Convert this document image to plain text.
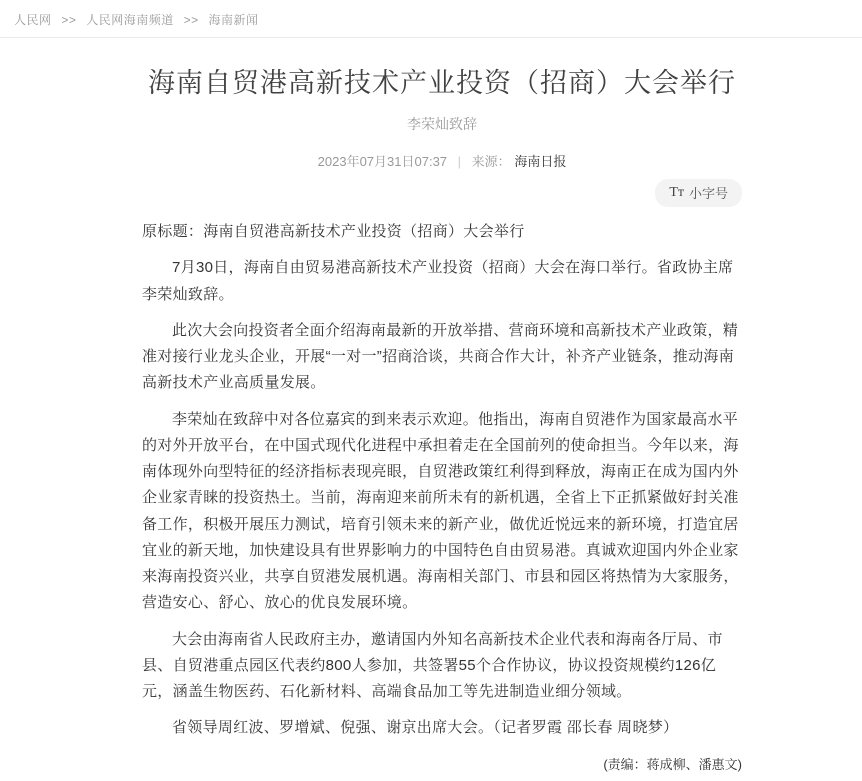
人民网 >> 人民网海南频道 >> 海南新闻
海南自贸港高新技术产业投资（招商）大会举行
李荣灿致辞
2023年07月31日07:37 | 来源： 海南日报
Tᴛ 小字号

原标题：海南自贸港高新技术产业投资（招商）大会举行

7月30日，海南自由贸易港高新技术产业投资（招商）大会在海口举行。省政协主席李荣灿致辞。

此次大会向投资者全面介绍海南最新的开放举措、营商环境和高新技术产业政策，精准对接行业龙头企业，开展“一对一”招商洽谈，共商合作大计，补齐产业链条，推动海南高新技术产业高质量发展。

李荣灿在致辞中对各位嘉宾的到来表示欢迎。他指出，海南自贸港作为国家最高水平的对外开放平台，在中国式现代化进程中承担着走在全国前列的使命担当。今年以来，海南体现外向型特征的经济指标表现亮眼，自贸港政策红利得到释放，海南正在成为国内外企业家青睐的投资热土。当前，海南迎来前所未有的新机遇，全省上下正抓紧做好封关准备工作，积极开展压力测试，培育引领未来的新产业，做优近悦远来的新环境，打造宜居宜业的新天地，加快建设具有世界影响力的中国特色自由贸易港。真诚欢迎国内外企业家来海南投资兴业，共享自贸港发展机遇。海南相关部门、市县和园区将热情为大家服务，营造安心、舒心、放心的优良发展环境。

大会由海南省人民政府主办，邀请国内外知名高新技术企业代表和海南各厅局、市县、自贸港重点园区代表约800人参加，共签署55个合作协议，协议投资规模约126亿元，涵盖生物医药、石化新材料、高端食品加工等先进制造业细分领域。

省领导周红波、罗增斌、倪强、谢京出席大会。（记者罗霞 邵长春 周晓梦）

(责编：蒋成柳、潘惠文)
